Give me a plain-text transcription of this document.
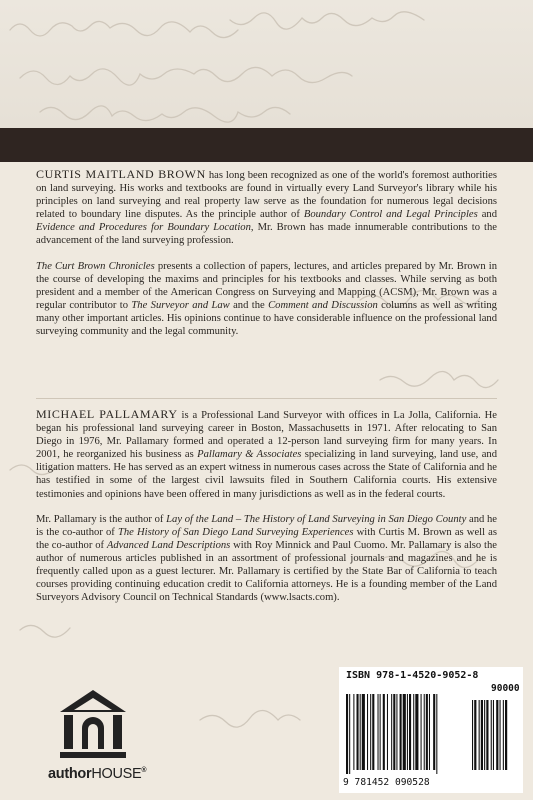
CURTIS MAITLAND BROWN has long been recognized as one of the world's foremost authorities on land surveying. His works and textbooks are found in virtually every Land Surveyor's library while his principles on land surveying and real property law serve as the foundation for numerous legal decisions related to boundary line disputes. As the principle author of Boundary Control and Legal Principles and Evidence and Procedures for Boundary Location, Mr. Brown has made innumerable contributions to the advancement of the land surveying profession.

The Curt Brown Chronicles presents a collection of papers, lectures, and articles prepared by Mr. Brown in the course of developing the maxims and principles for his textbooks and classes. While serving as both president and a member of the American Congress on Surveying and Mapping (ACSM), Mr. Brown was a regular contributor to The Surveyor and Law and the Comment and Discussion columns as well as writing many other important articles. His opinions continue to have considerable influence on the professional land surveying community and the legal community.

MICHAEL PALLAMARY is a Professional Land Surveyor with offices in La Jolla, California. He began his professional land surveying career in Boston, Massachusetts in 1971. After relocating to San Diego in 1976, Mr. Pallamary formed and operated a 12-person land surveying firm for many years. In 2001, he reorganized his business as Pallamary & Associates specializing in land surveying, land use, and litigation matters. He has served as an expert witness in numerous cases across the State of California and he has testified in some of the largest civil lawsuits filed in Southern California courts. His extensive testimonies and opinions have been offered in many jurisdictions as well as in the federal courts.

Mr. Pallamary is the author of Lay of the Land – The History of Land Surveying in San Diego County and he is the co-author of The History of San Diego Land Surveying Experiences with Curtis M. Brown as well as the co-author of Advanced Land Descriptions with Roy Minnick and Paul Cuomo. Mr. Pallamary is also the author of numerous articles published in an assortment of professional journals and magazines and he is frequently called upon as a guest lecturer. Mr. Pallamary is certified by the State Bar of California to teach courses providing continuing education credit to California attorneys. He is a founding member of the Land Surveyors Advisory Council on Technical Standards (www.lsacts.com).

authorHOUSE®
ISBN 978-1-4520-9052-8
90000
9 781452 090528
